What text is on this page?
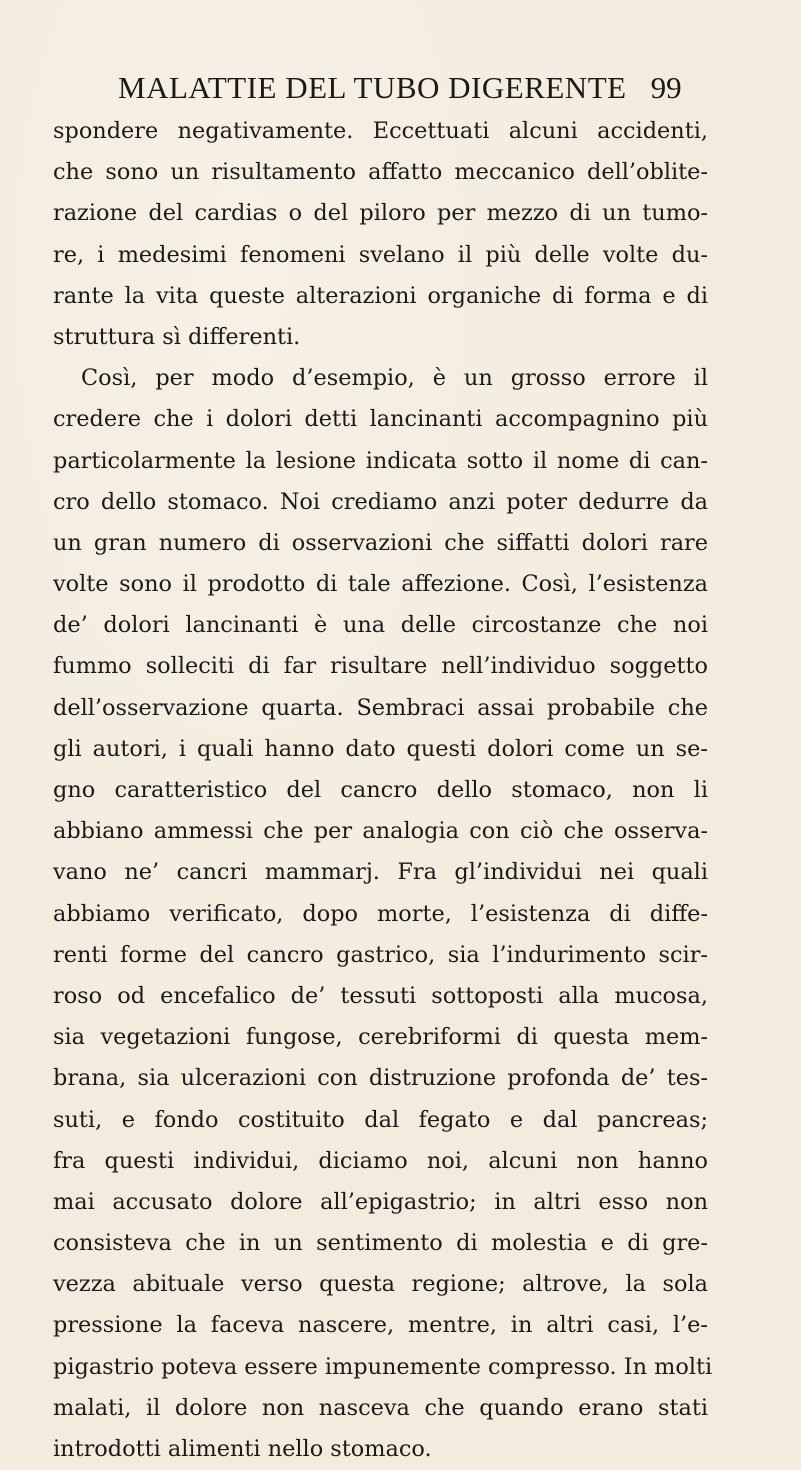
MALATTIE DEL TUBO DIGERENTE 99
spondere negativamente. Eccettuati alcuni accidenti,
che sono un risultamento affatto meccanico dell’oblite-
razione del cardias o del piloro per mezzo di un tumo-
re, i medesimi fenomeni svelano il più delle volte du-
rante la vita queste alterazioni organiche di forma e di
struttura sì differenti.
Così, per modo d’esempio, è un grosso errore il
credere che i dolori detti lancinanti accompagnino più
particolarmente la lesione indicata sotto il nome di can-
cro dello stomaco. Noi crediamo anzi poter dedurre da
un gran numero di osservazioni che siffatti dolori rare
volte sono il prodotto di tale affezione. Così, l’esistenza
de’ dolori lancinanti è una delle circostanze che noi
fummo solleciti di far risultare nell’individuo soggetto
dell’osservazione quarta. Sembraci assai probabile che
gli autori, i quali hanno dato questi dolori come un se-
gno caratteristico del cancro dello stomaco, non li
abbiano ammessi che per analogia con ciò che osserva-
vano ne’ cancri mammarj. Fra gl’individui nei quali
abbiamo verificato, dopo morte, l’esistenza di diffe-
renti forme del cancro gastrico, sia l’indurimento scir-
roso od encefalico de’ tessuti sottoposti alla mucosa,
sia vegetazioni fungose, cerebriformi di questa mem-
brana, sia ulcerazioni con distruzione profonda de’ tes-
suti, e fondo costituito dal fegato e dal pancreas;
fra questi individui, diciamo noi, alcuni non hanno
mai accusato dolore all’epigastrio; in altri esso non
consisteva che in un sentimento di molestia e di gre-
vezza abituale verso questa regione; altrove, la sola
pressione la faceva nascere, mentre, in altri casi, l’e-
pigastrio poteva essere impunemente compresso. In molti
malati, il dolore non nasceva che quando erano stati
introdotti alimenti nello stomaco.
